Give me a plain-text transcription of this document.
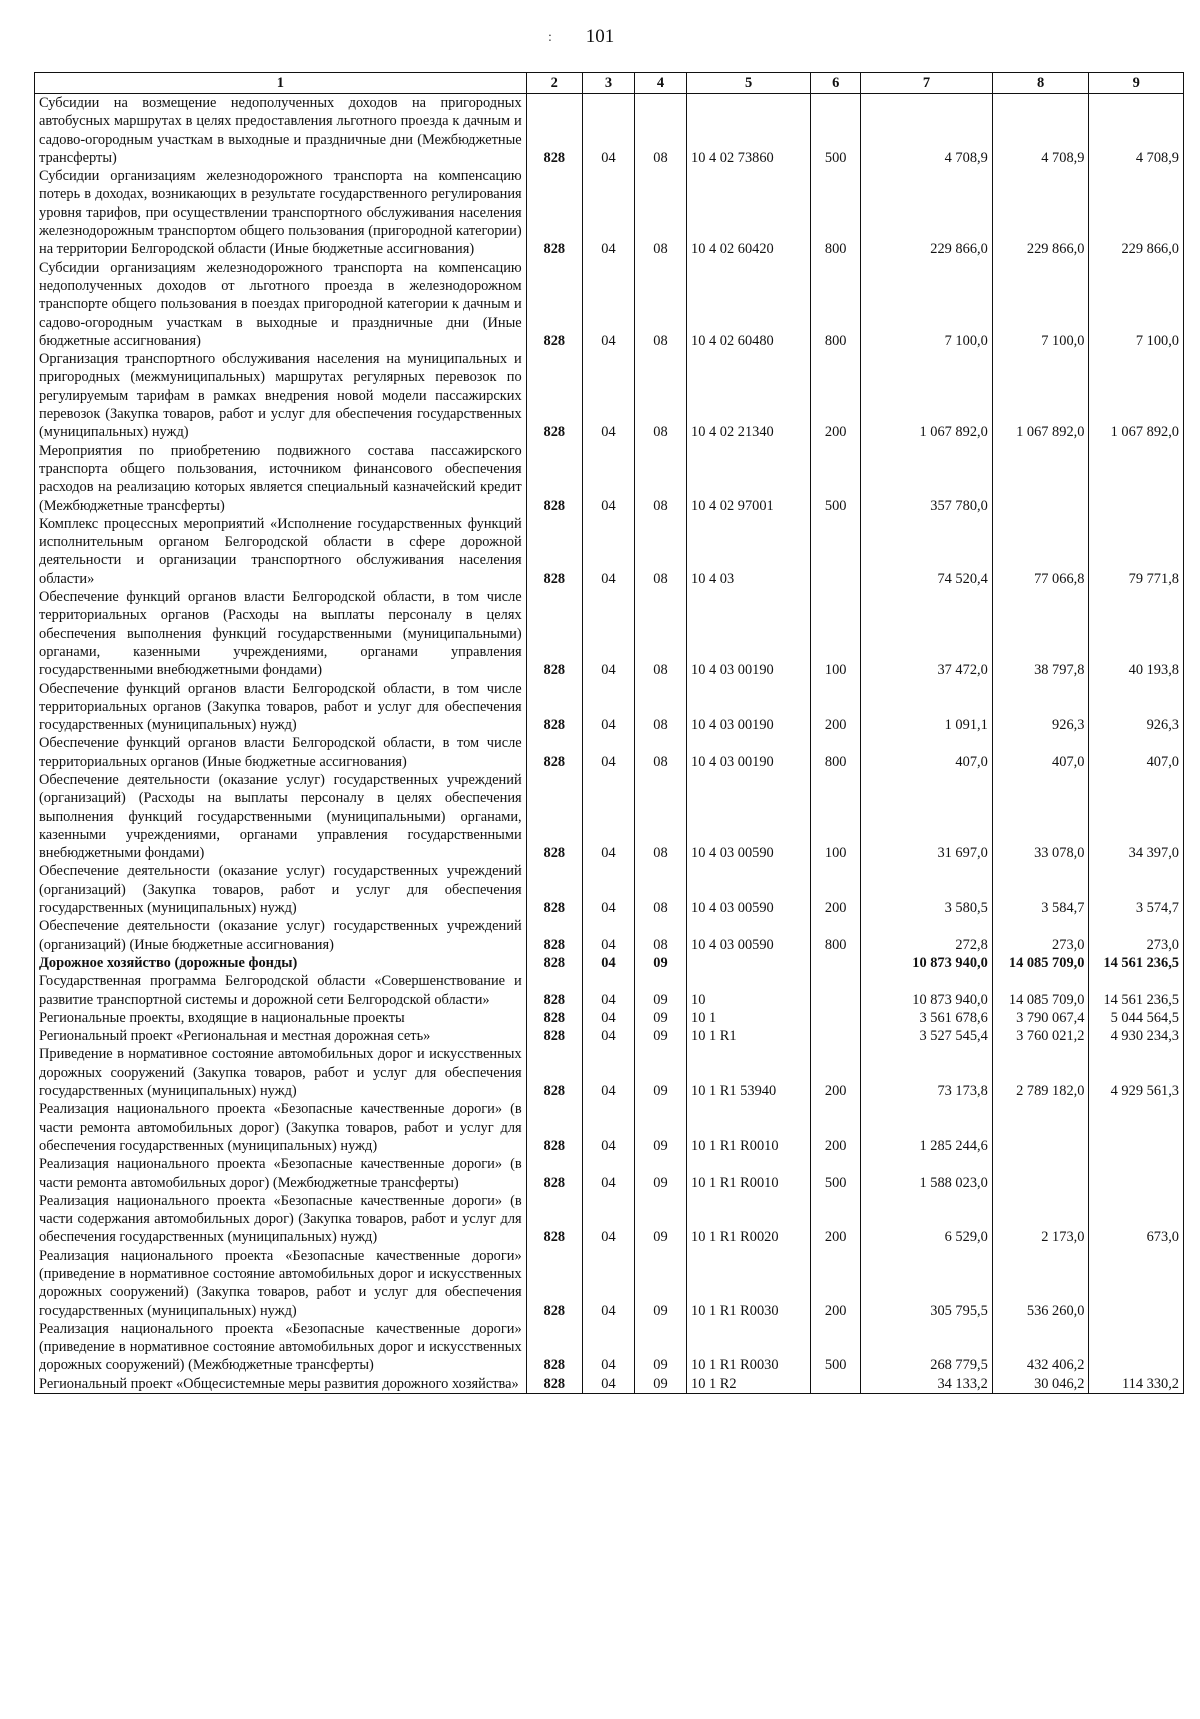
101
:
1	2	3	4	5	6	7	8	9
Субсидии на возмещение недополученных доходов на пригородных автобусных маршрутах в целях предоставления льготного проезда к дачным и садово-огородным участкам в выходные и праздничные дни (Межбюджетные трансферты)	828	04	08	10 4 02 73860	500	4 708,9	4 708,9	4 708,9
Субсидии организациям железнодорожного транспорта на компенсацию потерь в доходах, возникающих в результате государственного регулирования уровня тарифов, при осуществлении транспортного обслуживания населения железнодорожным транспортом общего пользования (пригородной категории) на территории Белгородской области (Иные бюджетные ассигнования)	828	04	08	10 4 02 60420	800	229 866,0	229 866,0	229 866,0
Субсидии организациям железнодорожного транспорта на компенсацию недополученных доходов от льготного проезда в железнодорожном транспорте общего пользования в поездах пригородной категории к дачным и садово-огородным участкам в выходные и праздничные дни (Иные бюджетные ассигнования)	828	04	08	10 4 02 60480	800	7 100,0	7 100,0	7 100,0
Организация транспортного обслуживания населения на муниципальных и пригородных (межмуниципальных) маршрутах регулярных перевозок по регулируемым тарифам в рамках внедрения новой модели пассажирских перевозок (Закупка товаров, работ и услуг для обеспечения государственных (муниципальных) нужд)	828	04	08	10 4 02 21340	200	1 067 892,0	1 067 892,0	1 067 892,0
Мероприятия по приобретению подвижного состава пассажирского транспорта общего пользования, источником финансового обеспечения расходов на реализацию которых является специальный казначейский кредит (Межбюджетные трансферты)	828	04	08	10 4 02 97001	500	357 780,0		
Комплекс процессных мероприятий «Исполнение государственных функций исполнительным органом Белгородской области в сфере дорожной деятельности и организации транспортного обслуживания населения области»	828	04	08	10 4 03		74 520,4	77 066,8	79 771,8
Обеспечение функций органов власти Белгородской области, в том числе территориальных органов (Расходы на выплаты персоналу в целях обеспечения выполнения функций государственными (муниципальными) органами, казенными учреждениями, органами управления государственными внебюджетными фондами)	828	04	08	10 4 03 00190	100	37 472,0	38 797,8	40 193,8
Обеспечение функций органов власти Белгородской области, в том числе территориальных органов (Закупка товаров, работ и услуг для обеспечения государственных (муниципальных) нужд)	828	04	08	10 4 03 00190	200	1 091,1	926,3	926,3
Обеспечение функций органов власти Белгородской области, в том числе территориальных органов (Иные бюджетные ассигнования)	828	04	08	10 4 03 00190	800	407,0	407,0	407,0
Обеспечение деятельности (оказание услуг) государственных учреждений (организаций) (Расходы на выплаты персоналу в целях обеспечения выполнения функций государственными (муниципальными) органами, казенными учреждениями, органами управления государственными внебюджетными фондами)	828	04	08	10 4 03 00590	100	31 697,0	33 078,0	34 397,0
Обеспечение деятельности (оказание услуг) государственных учреждений (организаций) (Закупка товаров, работ и услуг для обеспечения государственных (муниципальных) нужд)	828	04	08	10 4 03 00590	200	3 580,5	3 584,7	3 574,7
Обеспечение деятельности (оказание услуг) государственных учреждений (организаций) (Иные бюджетные ассигнования)	828	04	08	10 4 03 00590	800	272,8	273,0	273,0
Дорожное хозяйство (дорожные фонды)	828	04	09			10 873 940,0	14 085 709,0	14 561 236,5
Государственная программа Белгородской области «Совершенствование и развитие транспортной системы и дорожной сети Белгородской области»	828	04	09	10		10 873 940,0	14 085 709,0	14 561 236,5
Региональные проекты, входящие в национальные проекты	828	04	09	10 1		3 561 678,6	3 790 067,4	5 044 564,5
Региональный проект «Региональная и местная дорожная сеть»	828	04	09	10 1 R1		3 527 545,4	3 760 021,2	4 930 234,3
Приведение в нормативное состояние автомобильных дорог и искусственных дорожных сооружений (Закупка товаров, работ и услуг для обеспечения государственных (муниципальных) нужд)	828	04	09	10 1 R1 53940	200	73 173,8	2 789 182,0	4 929 561,3
Реализация национального проекта «Безопасные качественные дороги» (в части ремонта автомобильных дорог) (Закупка товаров, работ и услуг для обеспечения государственных (муниципальных) нужд)	828	04	09	10 1 R1 R0010	200	1 285 244,6		
Реализация национального проекта «Безопасные качественные дороги» (в части ремонта автомобильных дорог) (Межбюджетные трансферты)	828	04	09	10 1 R1 R0010	500	1 588 023,0		
Реализация национального проекта «Безопасные качественные дороги» (в части содержания автомобильных дорог) (Закупка товаров, работ и услуг для обеспечения государственных (муниципальных) нужд)	828	04	09	10 1 R1 R0020	200	6 529,0	2 173,0	673,0
Реализация национального проекта «Безопасные качественные дороги» (приведение в нормативное состояние автомобильных дорог и искусственных дорожных сооружений) (Закупка товаров, работ и услуг для обеспечения государственных (муниципальных) нужд)	828	04	09	10 1 R1 R0030	200	305 795,5	536 260,0	
Реализация национального проекта «Безопасные качественные дороги» (приведение в нормативное состояние автомобильных дорог и искусственных дорожных сооружений) (Межбюджетные трансферты)	828	04	09	10 1 R1 R0030	500	268 779,5	432 406,2	
Региональный проект «Общесистемные меры развития дорожного хозяйства»	828	04	09	10 1 R2		34 133,2	30 046,2	114 330,2
